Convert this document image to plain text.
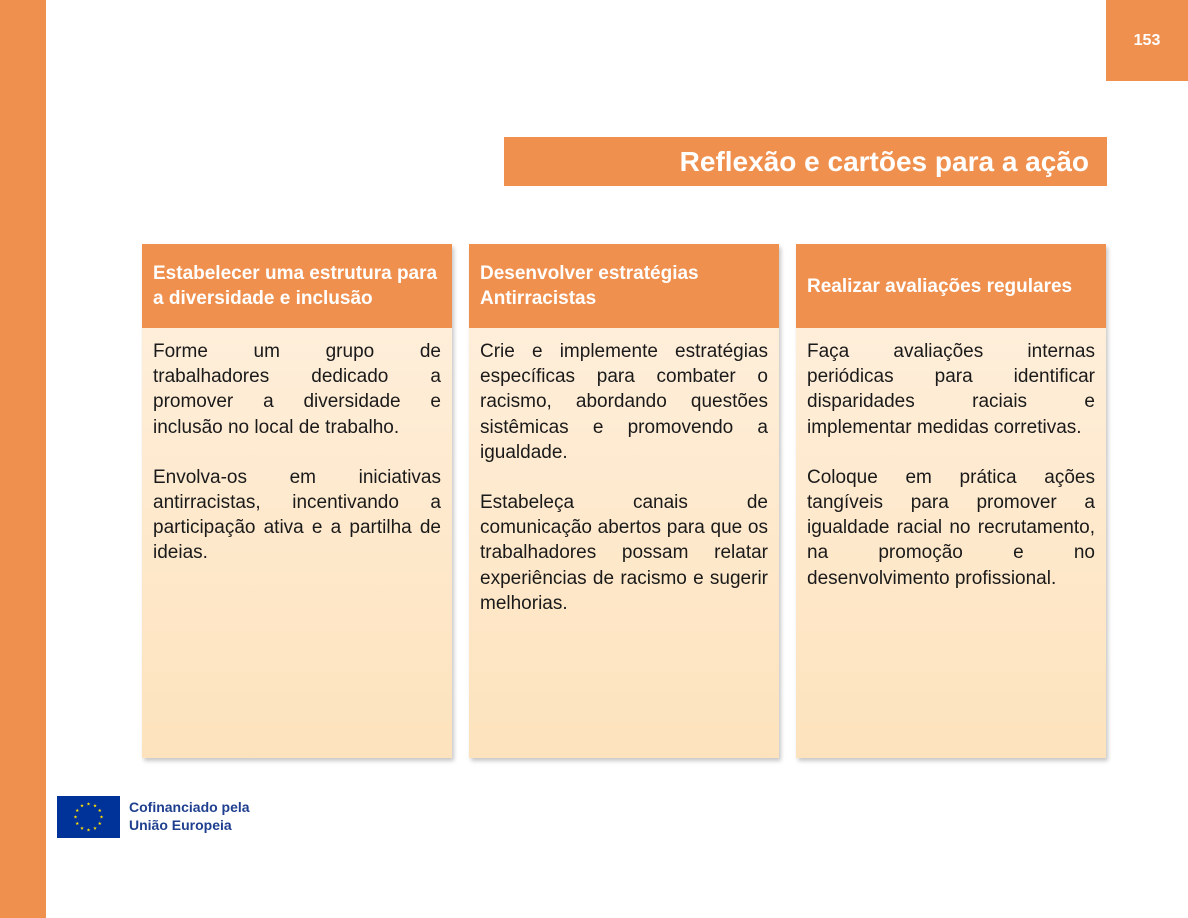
153
Reflexão e cartões para a ação
Estabelecer uma estrutura para a diversidade e inclusão

Forme um grupo de trabalhadores dedicado a promover a diversidade e inclusão no local de trabalho.

Envolva-os em iniciativas antirracistas, incentivando a participação ativa e a partilha de ideias.

Desenvolver estratégias Antirracistas

Crie e implemente estratégias específicas para combater o racismo, abordando questões sistêmicas e promovendo a igualdade.

Estabeleça canais de comunicação abertos para que os trabalhadores possam relatar experiências de racismo e sugerir melhorias.

Realizar avaliações regulares

Faça avaliações internas periódicas para identificar disparidades raciais e implementar medidas corretivas.

Coloque em prática ações tangíveis para promover a igualdade racial no recrutamento, na promoção e no desenvolvimento profissional.

Cofinanciado pela
União Europeia
